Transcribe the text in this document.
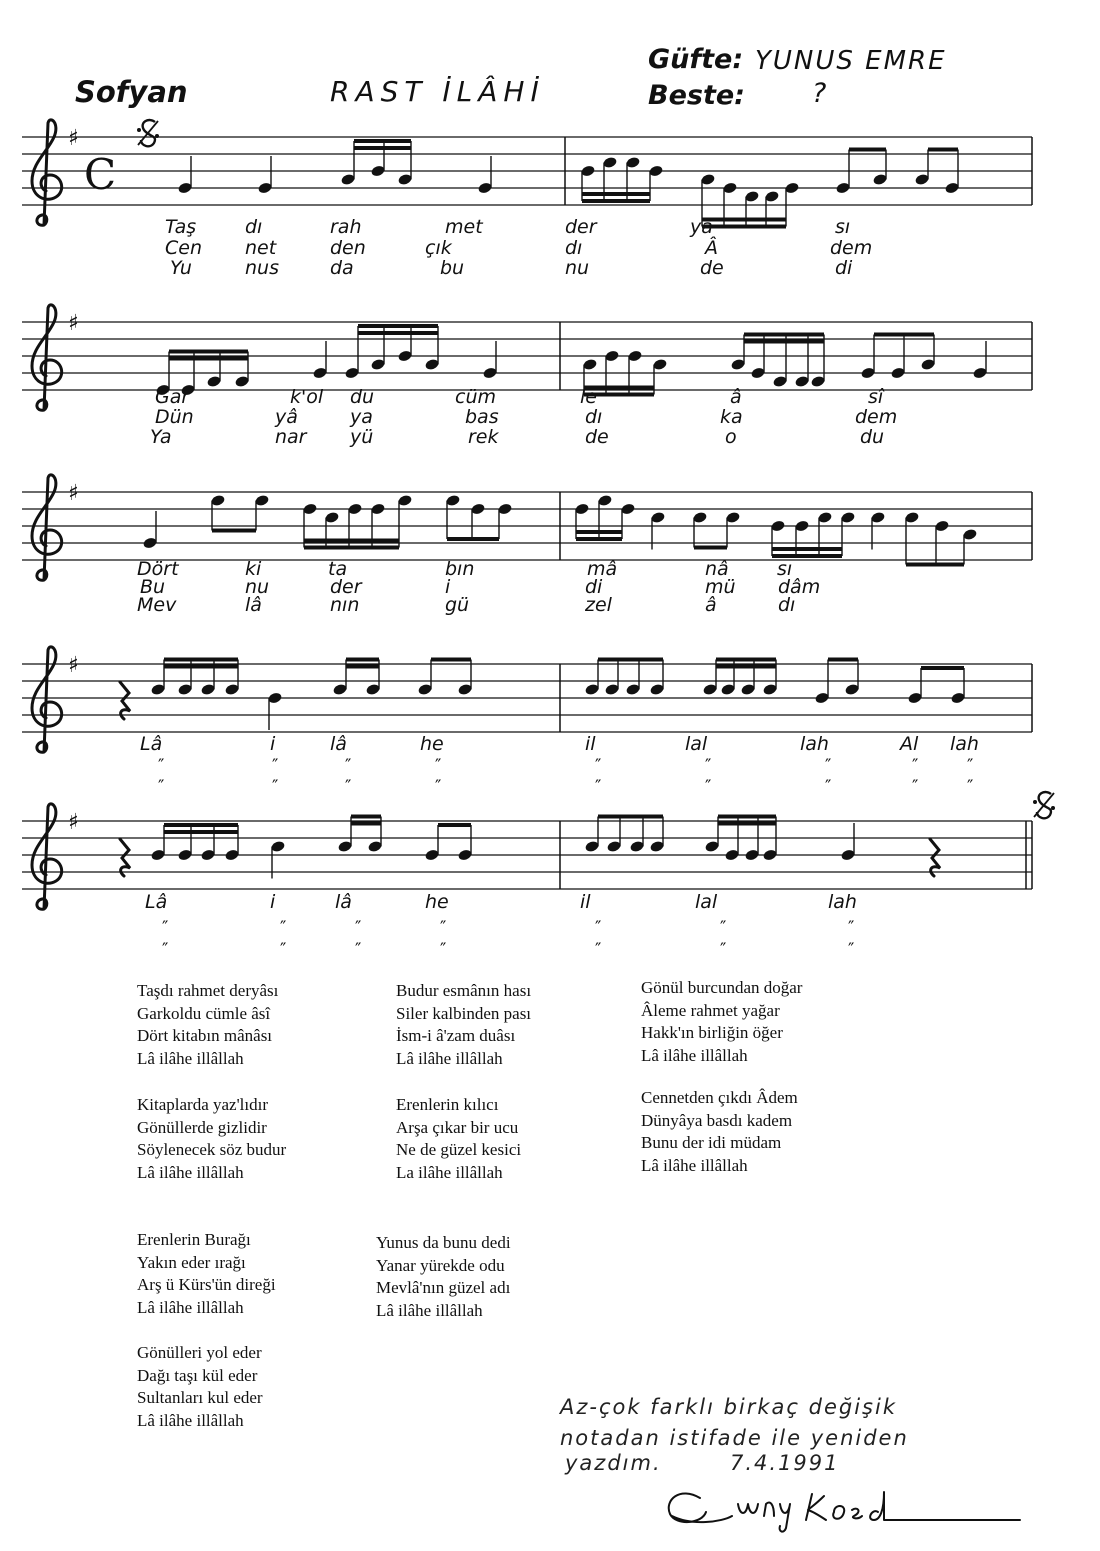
Sofyan	RAST İLÂHİ
Güfte: YUNUS EMRE
Beste: ?
♯
C
♯
♯
♯
♯
Taş	dı	rah	met	der	yâ	sı
Cen net	den	çık	dı	Â	dem
Yu	nus	da	bu	nu	de	di
Gar	k'ol du	cüm	le	â	sî
Dün	yâ	ya	bas	dı	ka	dem
Ya	nar yü	rek	de	o	du
Dört	ki	ta	bın	mâ	nâ	sı
Bu	nu	der	i	di	mü dâm
Mev	lâ	nın	gü	zel	â	dı
Lâ	i	lâ	he	il	lal	lah	Al lah
″	″	″	″	″	″	″	″	″
″	″	″	″	″	″	″	″	″
Lâ	i	lâ	he	il	lal	lah
″	″	″	″	″	″	″
″	″	″	″	″	″	″
Taşdı rahmet deryâsı
Garkoldu cümle âsî
Dört kitabın mânâsı
Lâ ilâhe illâllah
Kitaplarda yaz'lıdır
Gönüllerde gizlidir
Söylenecek söz budur
Lâ ilâhe illâllah
Erenlerin Burağı
Yakın eder ırağı
Arş ü Kürs'ün direği
Lâ ilâhe illâllah
Gönülleri yol eder
Dağı taşı kül eder
Sultanları kul eder
Lâ ilâhe illâllah
Budur esmânın hası
Siler kalbinden pası
İsm-i â'zam duâsı
Lâ ilâhe illâllah
Erenlerin kılıcı
Arşa çıkar bir ucu
Ne de güzel kesici
La ilâhe illâllah
Yunus da bunu dedi
Yanar yürekde odu
Mevlâ'nın güzel adı
Lâ ilâhe illâllah
Gönül burcundan doğar
Âleme rahmet yağar
Hakk'ın birliğin öğer
Lâ ilâhe illâllah
Cennetden çıkdı Âdem
Dünyâya basdı kadem
Bunu der idi müdam
Lâ ilâhe illâllah
Az-çok farklı birkaç değişik
notadan istifade ile yeniden
yazdım.	7.4.1991
